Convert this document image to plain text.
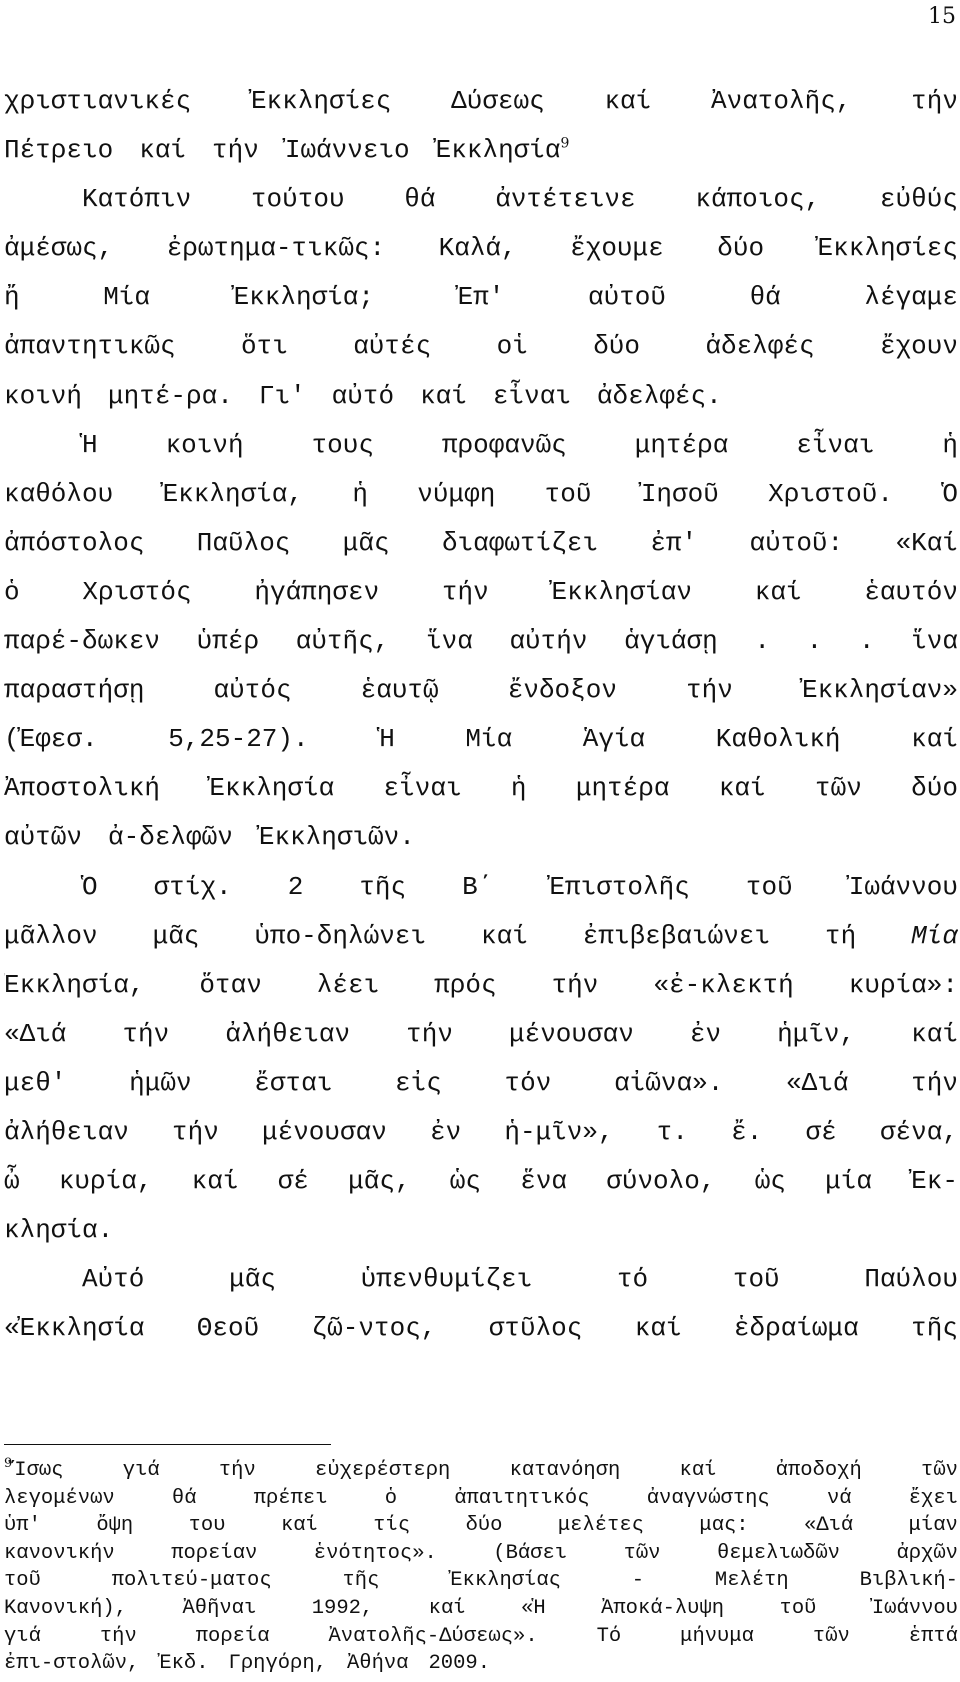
15
χριστιανικές Ἐκκλησίες Δύσεως καί Ἀνατολῆς, τήν
Πέτρειο καί τήν Ἰωάννειο Ἐκκλησία$^9$
Κατόπιν τούτου θά ἀντέτεινε κάποιος, εὐθύς
ἀμέσως, ἐρωτημα-τικῶς: Καλά, ἔχουμε δύο Ἐκκλησίες
ἤ	Μία	Ἐκκλησία;	Ἐπ'	αὐτοῦ	θά	λέγαμε
ἀπαντητικῶς	ὅτι	αὐτές	οἱ	δύο	ἀδελφές	ἔχουν
κοινή μητέ-ρα. Γι' αὐτό καί εἶναι ἀδελφές.
Ἡ	κοινή	τους	προφανῶς	μητέρα	εἶναι	ἡ
καθόλου Ἐκκλησία, ἡ νύμφη τοῦ Ἰησοῦ Χριστοῦ. Ὁ
ἀπόστολος Παῦλος μᾶς διαφωτίζει ἐπ' αὐτοῦ: «Καί
ὁ Χριστός ἠγάπησεν τήν Ἐκκλησίαν καί ἑαυτόν
παρέ-δωκεν ὑπέρ αὐτῆς, ἵνα αὐτήν ἁγιάσῃ . . . ἵνα
παραστήσῃ	αὐτός	ἑαυτῷ	ἔνδοξον	τήν	Ἐκκλησίαν»
(Ἐφεσ.	5,25-27).	Ἡ	Μία	Ἁγία	Καθολική	καί
Ἀποστολική Ἐκκλησία εἶναι ἡ μητέρα καί τῶν δύο
αὐτῶν ἀ-δελφῶν Ἐκκλησιῶν.
Ὁ στίχ. 2 τῆς Β΄ Ἐπιστολῆς τοῦ Ἰωάννου
μᾶλλον μᾶς ὑπο-δηλώνει καί ἐπιβεβαιώνει τή Μία
Ἐκκλησία, ὅταν λέει πρός τήν «ἐ-κλεκτή κυρία»:
«Διά τήν ἀλήθειαν τήν μένουσαν ἐν ἡμῖν, καί
μεθ' ἡμῶν ἔσται εἰς τόν αἰῶνα». «Διά τήν
ἀλήθειαν τήν μένουσαν ἐν ἡ-μῖν», τ. ἔ. σέ σένα,
ὦ κυρία, καί σέ μᾶς, ὡς ἕνα σύνολο, ὡς μία Ἐκ-
κλησία.
Αὐτό	μᾶς	ὑπενθυμίζει	τό	τοῦ	Παύλου
«Ἐκκλησία Θεοῦ ζῶ-ντος, στῦλος καί ἑδραίωμα τῆς
$^9$Ἴσως	γιά	τήν	εὐχερέστερη	κατανόηση	καί	ἀποδοχή	τῶν
λεγομένων	θά	πρέπει	ὁ	ἀπαιτητικός	ἀναγνώστης	νά	ἔχει
ὑπ'	ὄψη	του	καί	τίς	δύο	μελέτες	μας:	«Διά	μίαν
κανονικήν	πορείαν	ἑνότητος».	(Βάσει	τῶν	θεμελιωδῶν	ἀρχῶν
τοῦ	πολιτεύ-ματος	τῆς	Ἐκκλησίας	-	Μελέτη	Βιβλική-
Κανονική),	Ἀθῆναι	1992,	καί	«Ἡ	Ἀποκά-λυψη	τοῦ	Ἰωάννου
γιά	τήν	πορεία	Ἀνατολῆς-Δύσεως».	Τό	μήνυμα	τῶν	ἑπτά
ἐπι-στολῶν, Ἐκδ. Γρηγόρη, Ἀθήνα 2009.
